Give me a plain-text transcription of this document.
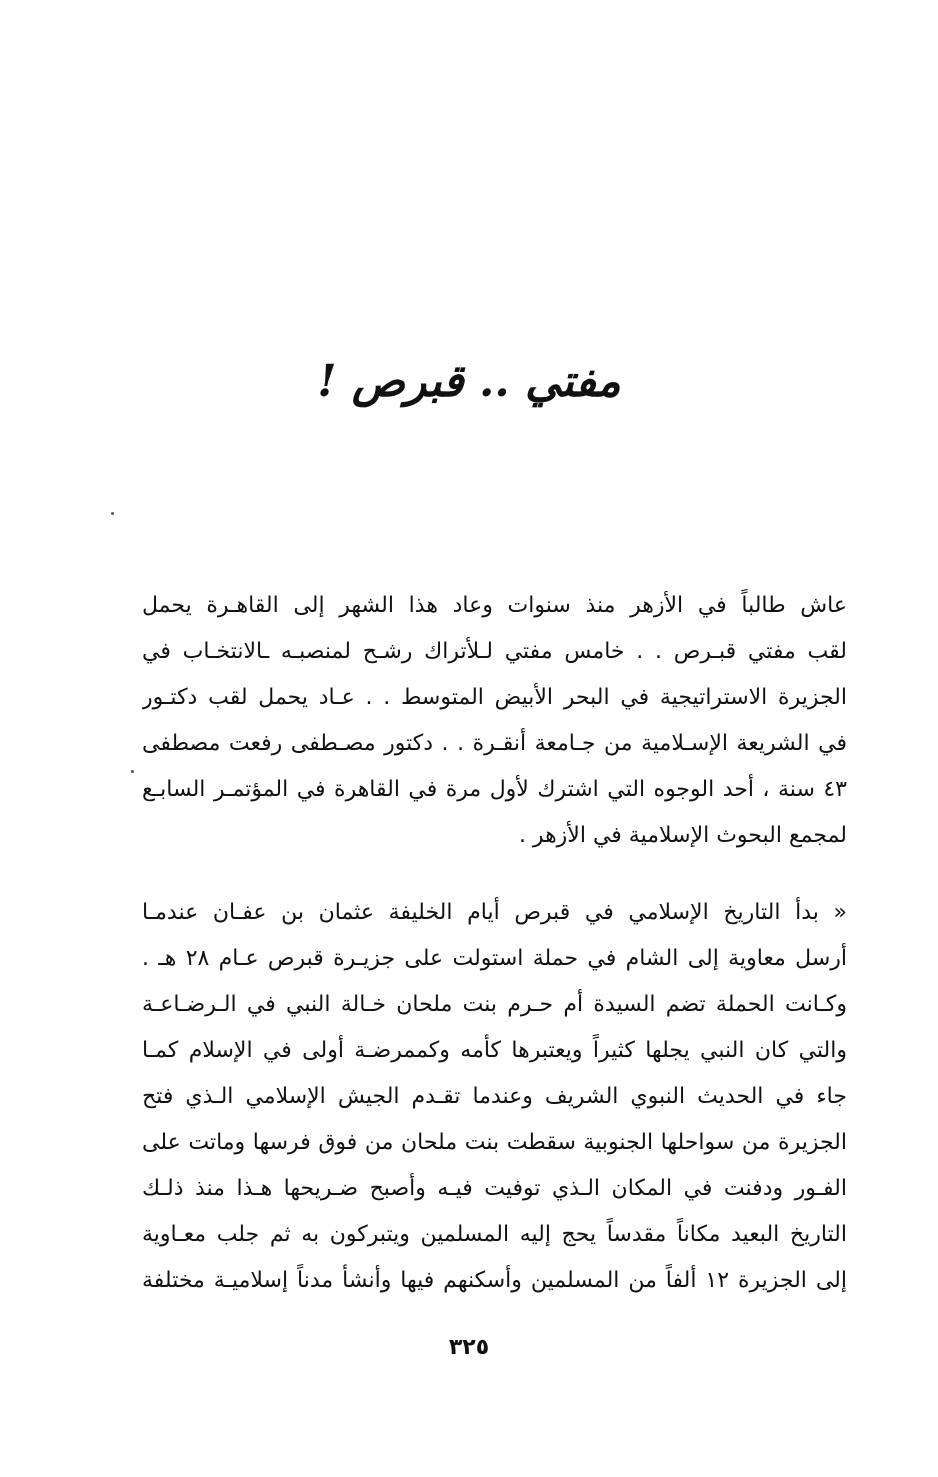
مفتي .. قبرص !
عاش طالباً في الأزهر منذ سنوات وعاد هذا الشهر إلى القاهـرة يحمل
لقب مفتي قبـرص . . خامس مفتي لـلأتراك رشـح لمنصبـه ـالانتخـاب في
الجزيرة الاستراتيجية في البحر الأبيض المتوسط . . عـاد يحمل لقب دكتـور
في الشريعة الإسـلامية من جـامعة أنقـرة . . دكتور مصـطفى رفعت مصطفى
٤٣ سنة ، أحد الوجوه التي اشترك لأول مرة في القاهرة في المؤتمـر السابـع
لمجمع البحوث الإسلامية في الأزهر .
« بدأ التاريخ الإسلامي في قبرص أيام الخليفة عثمان بن عفـان عندمـا
أرسل معاوية إلى الشام في حملة استولت على جزيـرة قبرص عـام ٢٨ هـ .
وكـانت الحملة تضم السيدة أم حـرم بنت ملحان خـالة النبي في الـرضـاعـة
والتي كان النبي يجلها كثيراً ويعتبرها كأمه وكممرضـة أولى في الإسلام كمـا
جاء في الحديث النبوي الشريف وعندما تقـدم الجيش الإسلامي الـذي فتح
الجزيرة من سواحلها الجنوبية سقطت بنت ملحان من فوق فرسها وماتت على
الفـور ودفنت في المكان الـذي توفيت فيـه وأصبح ضـريحها هـذا منذ ذلـك
التاريخ البعيد مكاناً مقدساً يحج إليه المسلمين ويتبركون به ثم جلب معـاوية
إلى الجزيرة ١٢ ألفاً من المسلمين وأسكنهم فيها وأنشأ مدناً إسلاميـة مختلفة
٣٢٥
